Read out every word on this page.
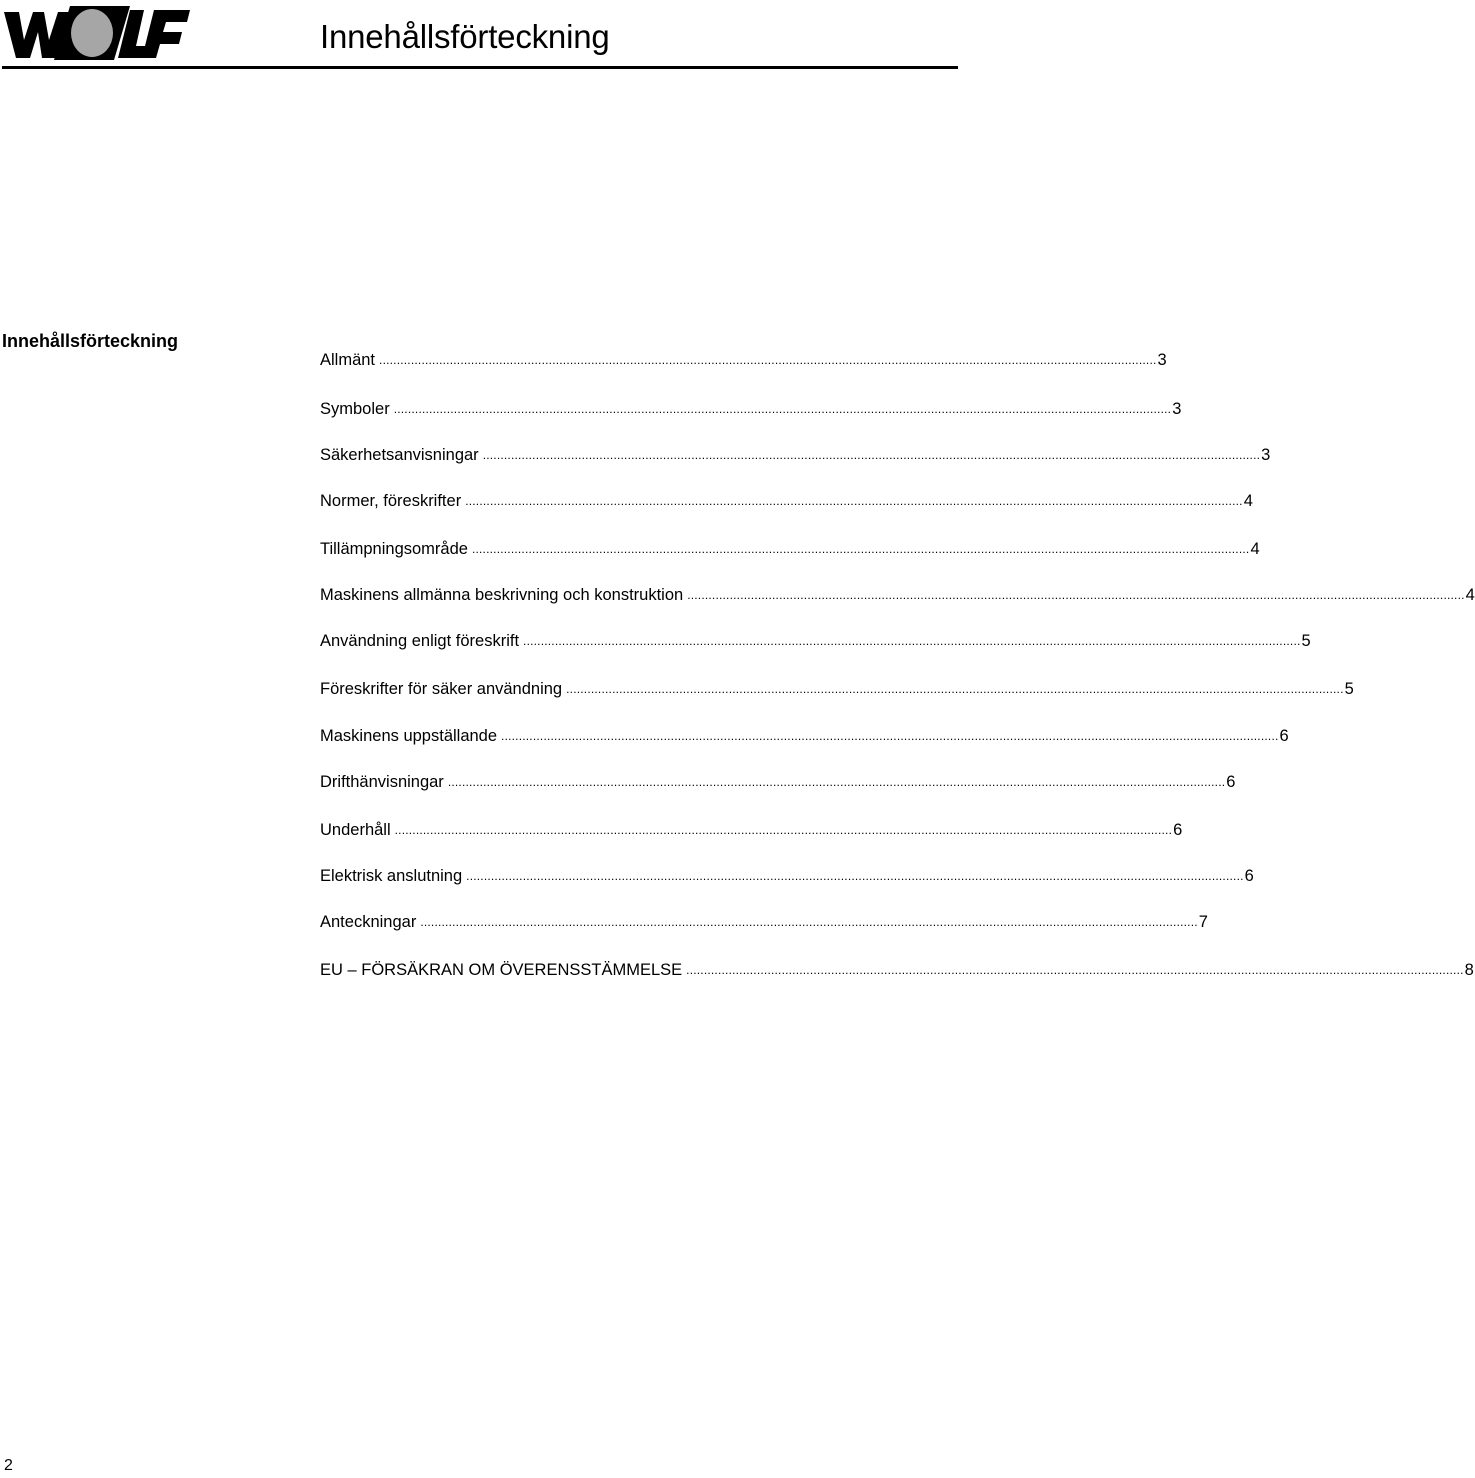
Innehållsförteckning
Innehållsförteckning
Allmänt ............................................................................................................................................................................................................................ 3
Symboler ............................................................................................................................................................................................................................ 3
Säkerhetsanvisningar ............................................................................................................................................................................................................................ 3
Normer, föreskrifter ............................................................................................................................................................................................................................ 4
Tillämpningsområde ............................................................................................................................................................................................................................ 4
Maskinens allmänna beskrivning och konstruktion ............................................................................................................................................................................................................................ 4
Användning enligt föreskrift ............................................................................................................................................................................................................................ 5
Föreskrifter för säker användning ............................................................................................................................................................................................................................ 5
Maskinens uppställande ............................................................................................................................................................................................................................ 6
Drifthänvisningar ............................................................................................................................................................................................................................ 6
Underhåll ............................................................................................................................................................................................................................ 6
Elektrisk anslutning ............................................................................................................................................................................................................................ 6
Anteckningar ............................................................................................................................................................................................................................ 7
EU – FÖRSÄKRAN OM ÖVERENSSTÄMMELSE ............................................................................................................................................................................................................................ 8
2
